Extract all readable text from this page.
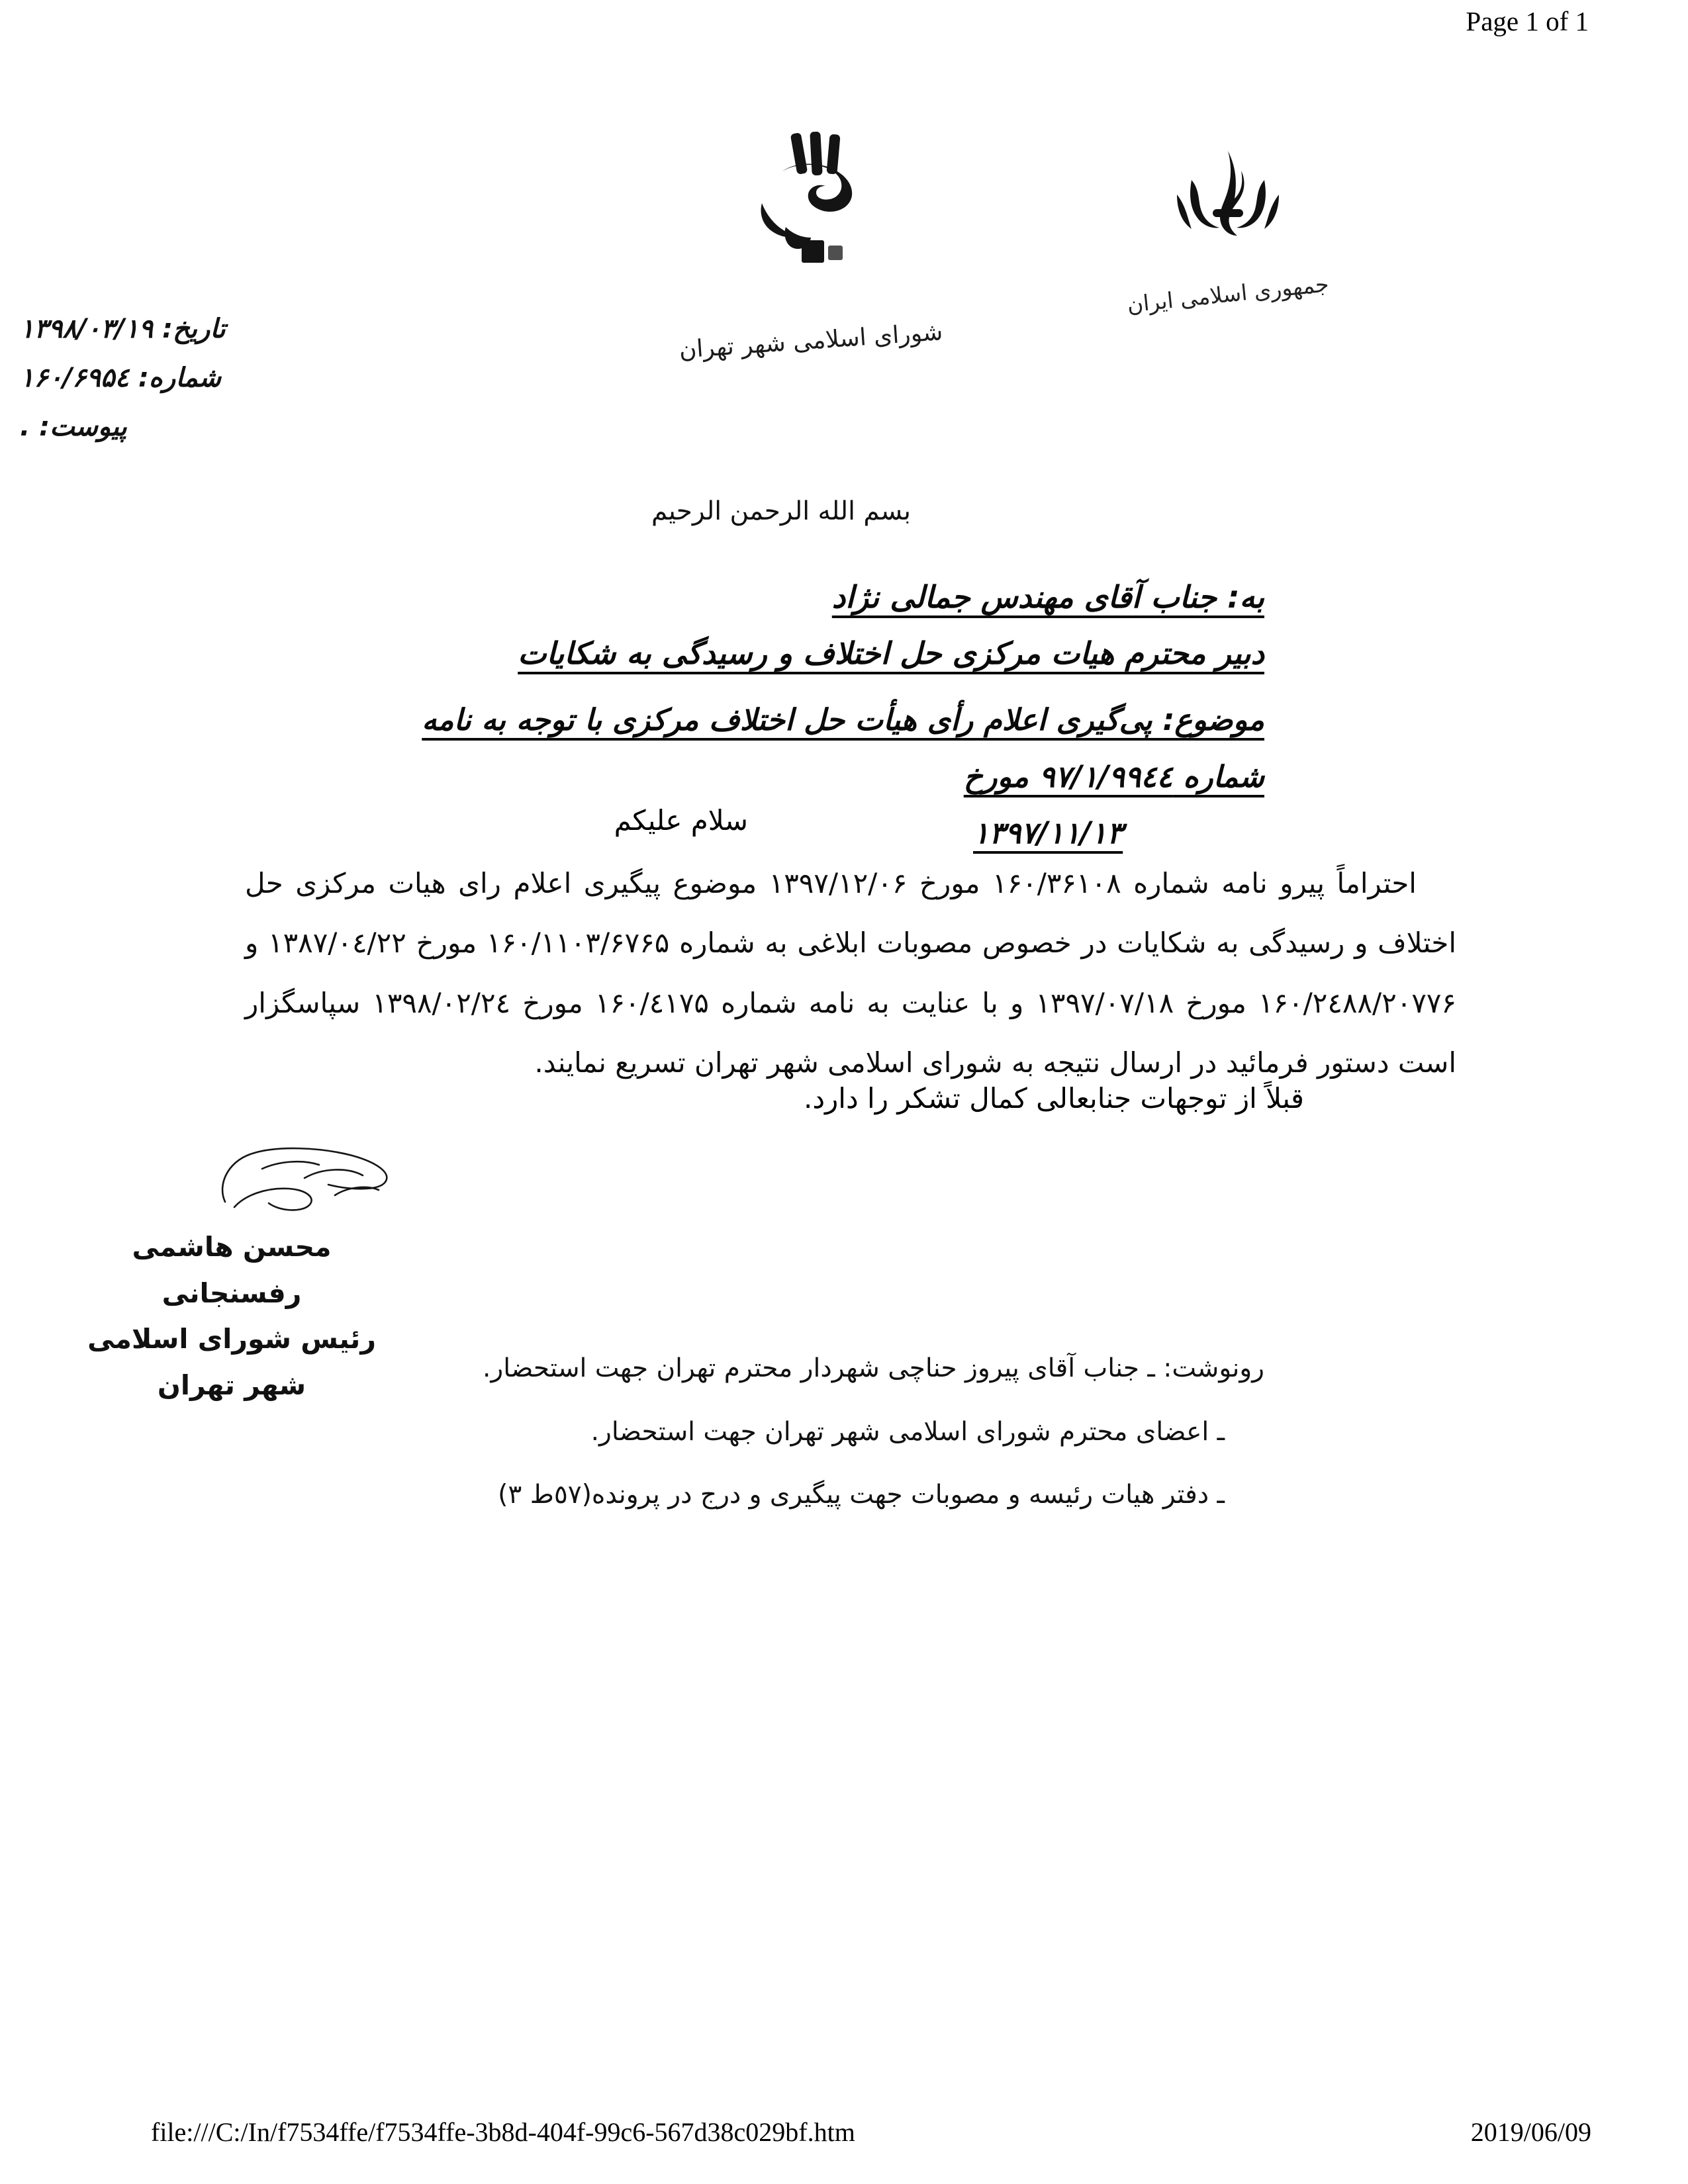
Page 1 of 1
جمهوری اسلامی ایران
شورای اسلامی شهر تهران
تاریخ: ۱۳۹۸/۰۳/۱۹
شماره: ۱۶۰/۶۹۵٤
پیوست: .
بسم الله الرحمن الرحیم
به: جناب آقای مهندس جمالی نژاد
دبیر محترم هیات مرکزی حل اختلاف و رسیدگی به شکایات
موضوع: پی‌گیری اعلام رأی هیأت حل اختلاف مرکزی با توجه به نامه شماره ۹۷/۱/۹۹٤٤ مورخ
۱۳۹۷/۱۱/۱۳
سلام علیکم

احتراماً پیرو نامه شماره ۱۶۰/۳۶۱۰۸ مورخ ۱۳۹۷/۱۲/۰۶ موضوع پیگیری اعلام رای هیات مرکزی حل اختلاف و رسیدگی به شکایات در خصوص مصوبات ابلاغی به شماره ۱۶۰/۱۱۰۳/۶۷۶۵ مورخ ۱۳۸۷/۰٤/۲۲ و ۱۶۰/۲٤۸۸/۲۰۷۷۶ مورخ ۱۳۹۷/۰۷/۱۸ و با عنایت به نامه شماره ۱۶۰/٤۱۷۵ مورخ ۱۳۹۸/۰۲/۲٤ سپاسگزار است دستور فرمائید در ارسال نتیجه به شورای اسلامی شهر تهران تسریع نمایند.

قبلاً از توجهات جنابعالی کمال تشکر را دارد.
محسن هاشمی رفسنجانی
رئیس شورای اسلامی شهر تهران
رونوشت: ـ جناب آقای پیروز حناچی شهردار محترم تهران جهت استحضار.
ـ اعضای محترم شورای اسلامی شهر تهران جهت استحضار.
ـ دفتر هیات رئیسه و مصوبات جهت پیگیری و درج در پرونده(٥۷ط ۳)
file:///C:/In/f7534ffe/f7534ffe-3b8d-404f-99c6-567d38c029bf.htm	2019/06/09
